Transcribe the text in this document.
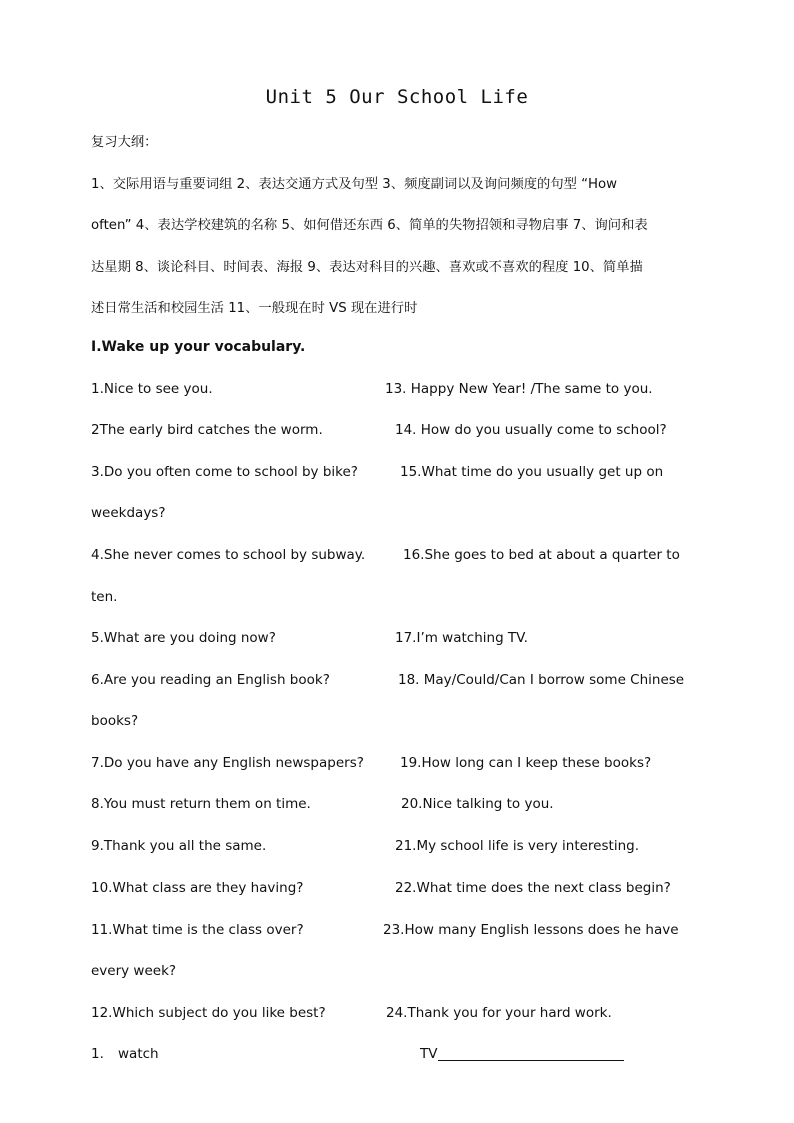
Unit 5 Our School Life
复习大纲：
1、交际用语与重要词组 2、表达交通方式及句型 3、频度副词以及询问频度的句型 “How
often” 4、表达学校建筑的名称 5、如何借还东西 6、简单的失物招领和寻物启事 7、询问和表
达星期 8、谈论科目、时间表、海报 9、表达对科目的兴趣、喜欢或不喜欢的程度 10、简单描
述日常生活和校园生活 11、一般现在时 VS 现在进行时
Ⅰ.Wake up your vocabulary.
1.Nice to see you.	13. Happy New Year! /The same to you.
2The early bird catches the worm.	14. How do you usually come to school?
3.Do you often come to school by bike?	15.What time do you usually get up on
weekdays?
4.She never comes to school by subway.	16.She goes to bed at about a quarter to
ten.
5.What are you doing now?	17.I’m watching TV.
6.Are you reading an English book?	18. May/Could/Can I borrow some Chinese
books?
7.Do you have any English newspapers?	19.How long can I keep these books?
8.You must return them on time.	20.Nice talking to you.
9.Thank you all the same.	21.My school life is very interesting.
10.What class are they having?	22.What time does the next class begin?
11.What time is the class over?	23.How many English lessons does he have
every week?
12.Which subject do you like best?	24.Thank you for your hard work.
1. watch	TV
